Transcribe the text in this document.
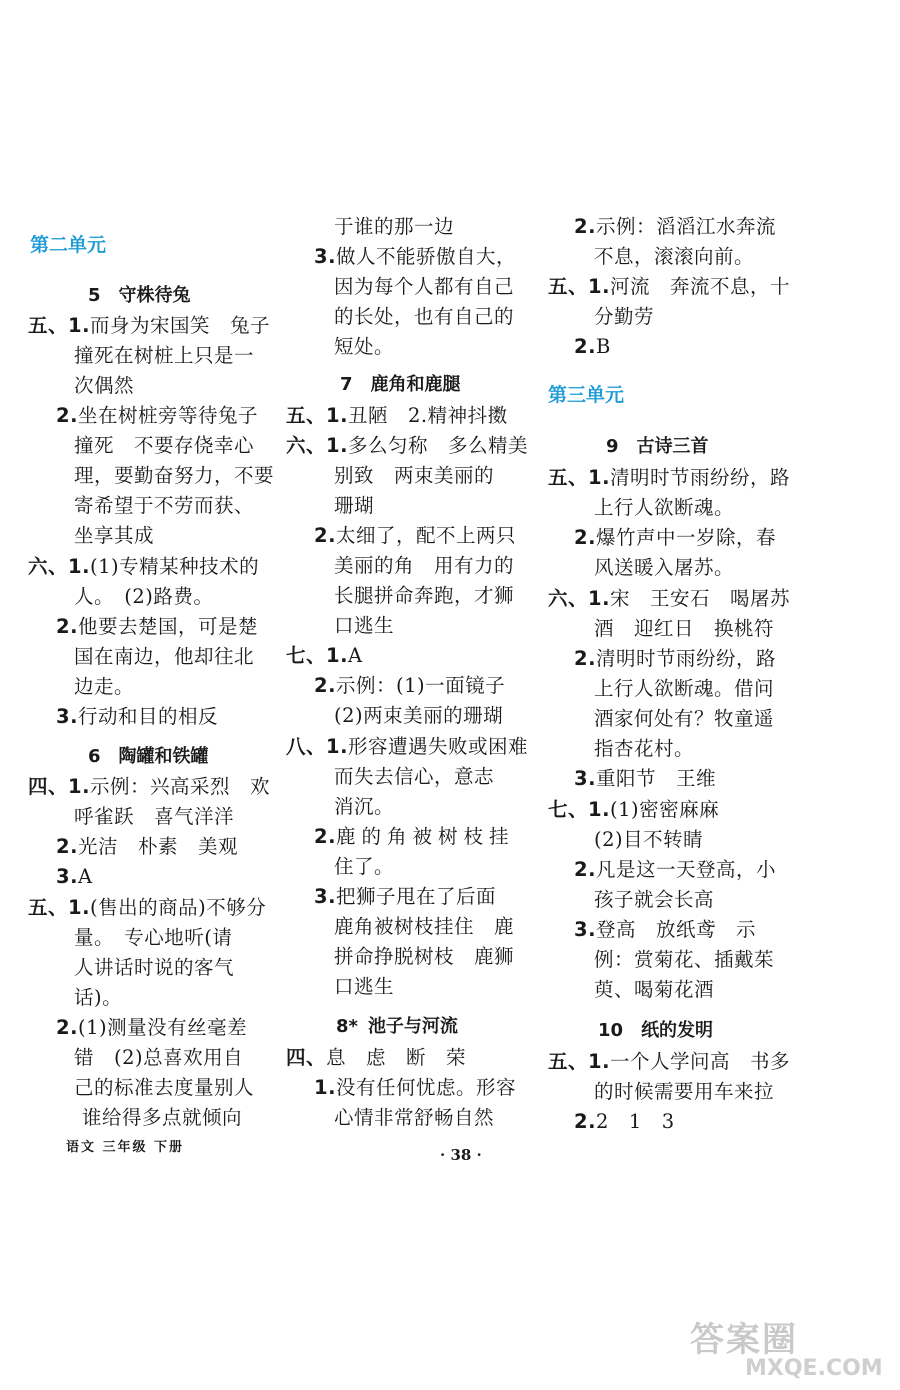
第二单元
第三单元
5 守株待兔
6 陶罐和铁罐
7 鹿角和鹿腿
8* 池子与河流
9 古诗三首
10 纸的发明
五、1.而身为宋国笑　兔子
撞死在树桩上只是一
次偶然
2.坐在树桩旁等待兔子
撞死　不要存侥幸心
理，要勤奋努力，不要
寄希望于不劳而获、
坐享其成
六、1.(1)专精某种技术的
人。　(2)路费。
2.他要去楚国，可是楚
国在南边，他却往北
边走。
3.行动和目的相反
四、1.示例：兴高采烈　欢
呼雀跃　喜气洋洋
2.光洁　朴素　美观
3.A
五、1.(售出的商品)不够分
量。　专心地听(请
人讲话时说的客气
话)。
2.(1)测量没有丝毫差
错　(2)总喜欢用自
己的标准去度量别人
谁给得多点就倾向
于谁的那一边
3.做人不能骄傲自大，
因为每个人都有自己
的长处，也有自己的
短处。
五、1.丑陋　2.精神抖擞
六、1.多么匀称　多么精美
别致　两束美丽的
珊瑚
2.太细了，配不上两只
美丽的角　用有力的
长腿拼命奔跑，才狮
口逃生
七、1.A
2.示例：(1)一面镜子
(2)两束美丽的珊瑚
八、1.形容遭遇失败或困难
而失去信心，意志
消沉。
2.鹿的角被树枝挂
住了。
3.把狮子甩在了后面
鹿角被树枝挂住　鹿
拼命挣脱树枝　鹿狮
口逃生
四、息　虑　断　荣
1.没有任何忧虑。形容
心情非常舒畅自然
2.示例：滔滔江水奔流
不息，滚滚向前。
五、1.河流　奔流不息，十
分勤劳
2.B
五、1.清明时节雨纷纷，路
上行人欲断魂。
2.爆竹声中一岁除，春
风送暖入屠苏。
六、1.宋　王安石　喝屠苏
酒　迎红日　换桃符
2.清明时节雨纷纷，路
上行人欲断魂。借问
酒家何处有？牧童遥
指杏花村。
3.重阳节　王维
七、1.(1)密密麻麻
(2)目不转睛
2.凡是这一天登高，小
孩子就会长高
3.登高　放纸鸢　示
例：赏菊花、插戴茱
萸、喝菊花酒
五、1.一个人学问高　书多
的时候需要用车来拉
2.2　1　3
语文 三年级 下册	· 38 ·
答案圈
MXQE.COM
